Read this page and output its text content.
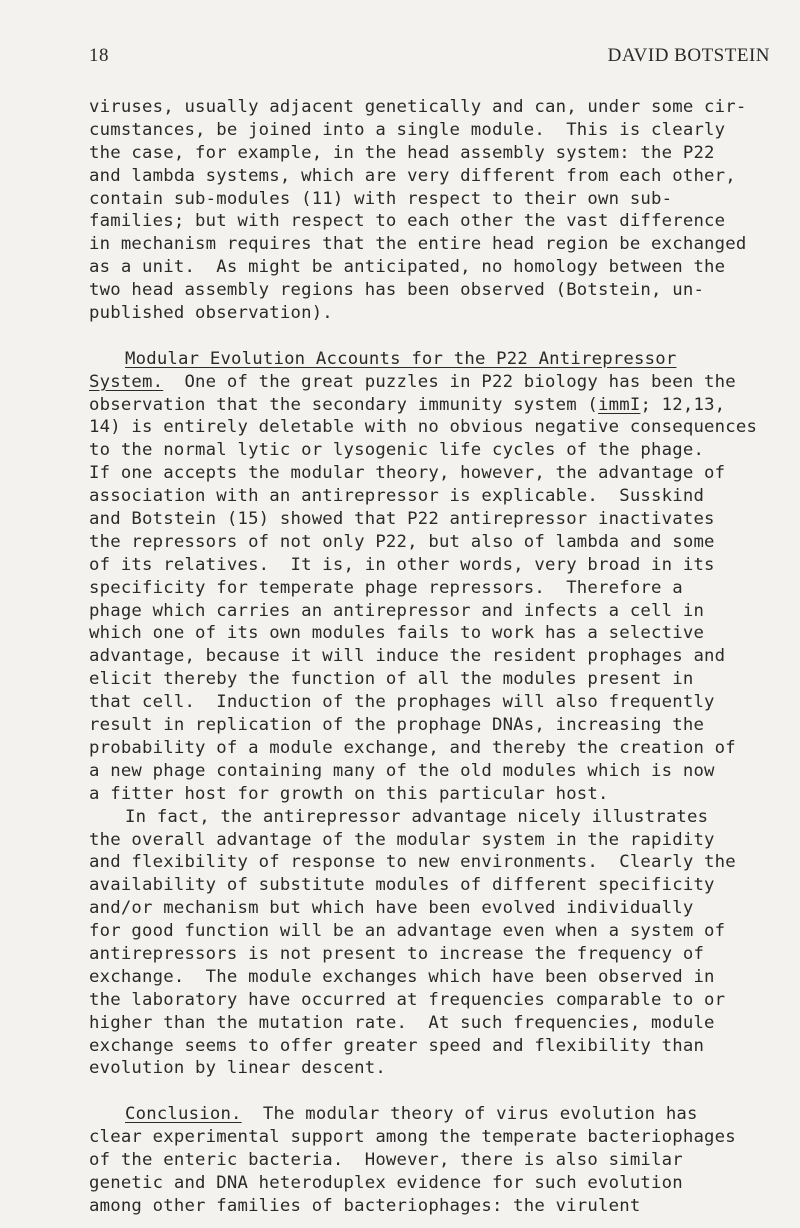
18	DAVID BOTSTEIN
viruses, usually adjacent genetically and can, under some cir-
cumstances, be joined into a single module.  This is clearly
the case, for example, in the head assembly system: the P22
and lambda systems, which are very different from each other,
contain sub-modules (11) with respect to their own sub-
families; but with respect to each other the vast difference
in mechanism requires that the entire head region be exchanged
as a unit.  As might be anticipated, no homology between the
two head assembly regions has been observed (Botstein, un-
published observation).
Modular Evolution Accounts for the P22 Antirepressor
System.  One of the great puzzles in P22 biology has been the
observation that the secondary immunity system (immI; 12,13,
14) is entirely deletable with no obvious negative consequences
to the normal lytic or lysogenic life cycles of the phage.
If one accepts the modular theory, however, the advantage of
association with an antirepressor is explicable.  Susskind
and Botstein (15) showed that P22 antirepressor inactivates
the repressors of not only P22, but also of lambda and some
of its relatives.  It is, in other words, very broad in its
specificity for temperate phage repressors.  Therefore a
phage which carries an antirepressor and infects a cell in
which one of its own modules fails to work has a selective
advantage, because it will induce the resident prophages and
elicit thereby the function of all the modules present in
that cell.  Induction of the prophages will also frequently
result in replication of the prophage DNAs, increasing the
probability of a module exchange, and thereby the creation of
a new phage containing many of the old modules which is now
a fitter host for growth on this particular host.
In fact, the antirepressor advantage nicely illustrates
the overall advantage of the modular system in the rapidity
and flexibility of response to new environments.  Clearly the
availability of substitute modules of different specificity
and/or mechanism but which have been evolved individually
for good function will be an advantage even when a system of
antirepressors is not present to increase the frequency of
exchange.  The module exchanges which have been observed in
the laboratory have occurred at frequencies comparable to or
higher than the mutation rate.  At such frequencies, module
exchange seems to offer greater speed and flexibility than
evolution by linear descent.
Conclusion.  The modular theory of virus evolution has
clear experimental support among the temperate bacteriophages
of the enteric bacteria.  However, there is also similar
genetic and DNA heteroduplex evidence for such evolution
among other families of bacteriophages: the virulent
